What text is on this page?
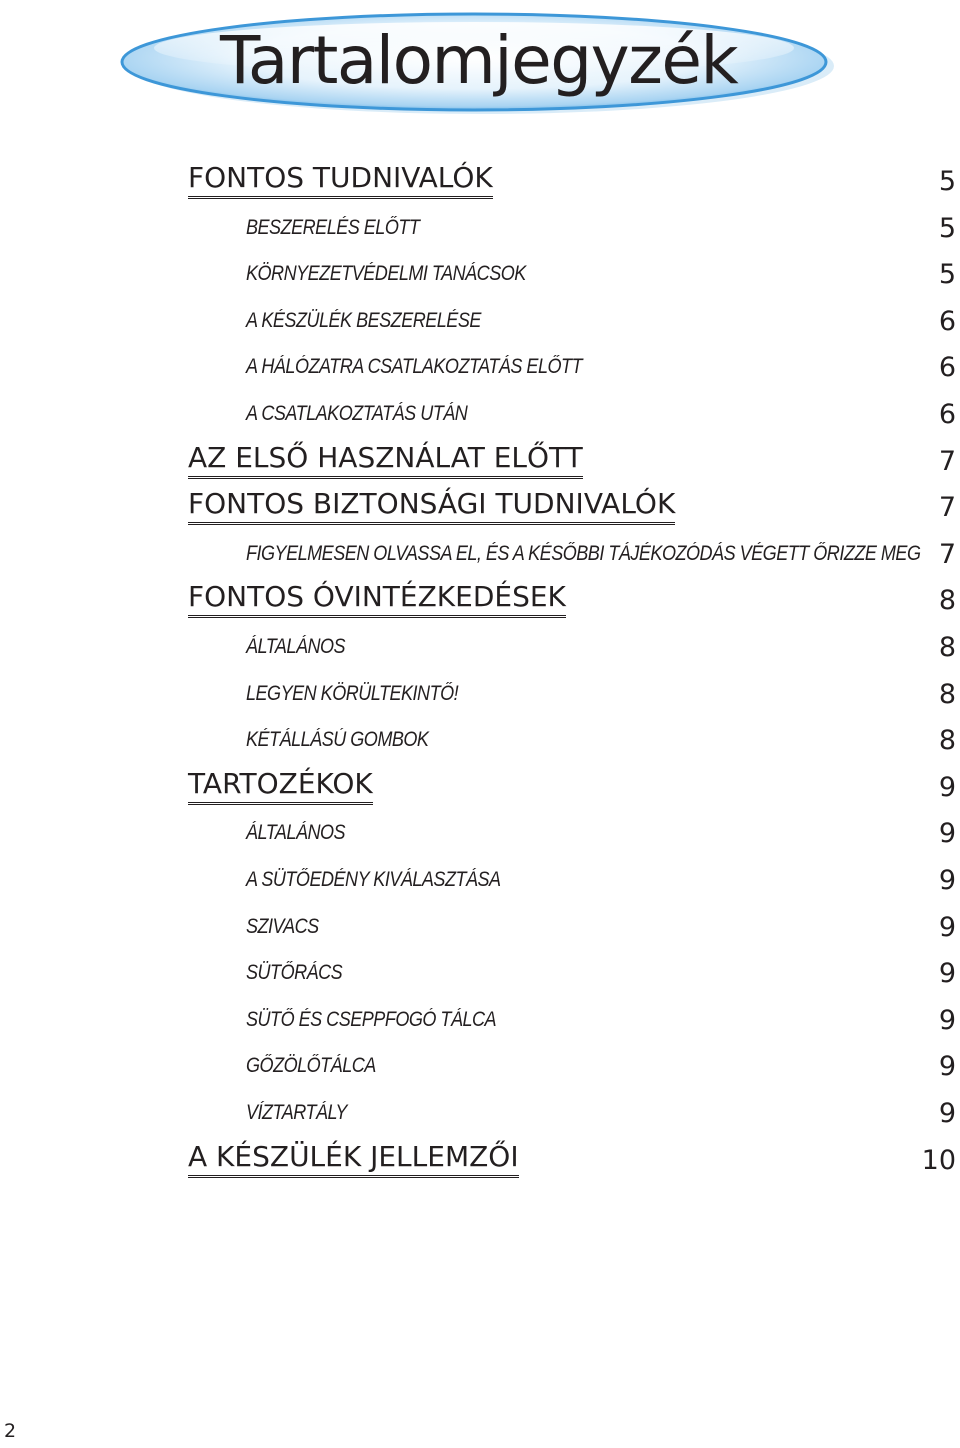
Tartalomjegyzék
FONTOS TUDNIVALÓK	5
BESZERELÉS ELŐTT	5
KÖRNYEZETVÉDELMI TANÁCSOK	5
A KÉSZÜLÉK BESZERELÉSE	6
A HÁLÓZATRA CSATLAKOZTATÁS ELŐTT	6
A CSATLAKOZTATÁS UTÁN	6
AZ ELSŐ HASZNÁLAT ELŐTT	7
FONTOS BIZTONSÁGI TUDNIVALÓK	7
FIGYELMESEN OLVASSA EL, ÉS A KÉSŐBBI TÁJÉKOZÓDÁS VÉGETT ŐRIZZE MEG 7
FONTOS ÓVINTÉZKEDÉSEK	8
ÁLTALÁNOS	8
LEGYEN KÖRÜLTEKINTŐ!	8
KÉTÁLLÁSÚ GOMBOK	8
TARTOZÉKOK	9
ÁLTALÁNOS	9
A SÜTŐEDÉNY KIVÁLASZTÁSA	9
SZIVACS	9
SÜTŐRÁCS	9
SÜTŐ ÉS CSEPPFOGÓ TÁLCA	9
GŐZÖLŐTÁLCA	9
VÍZTARTÁLY	9
A KÉSZÜLÉK JELLEMZŐI	10
2
